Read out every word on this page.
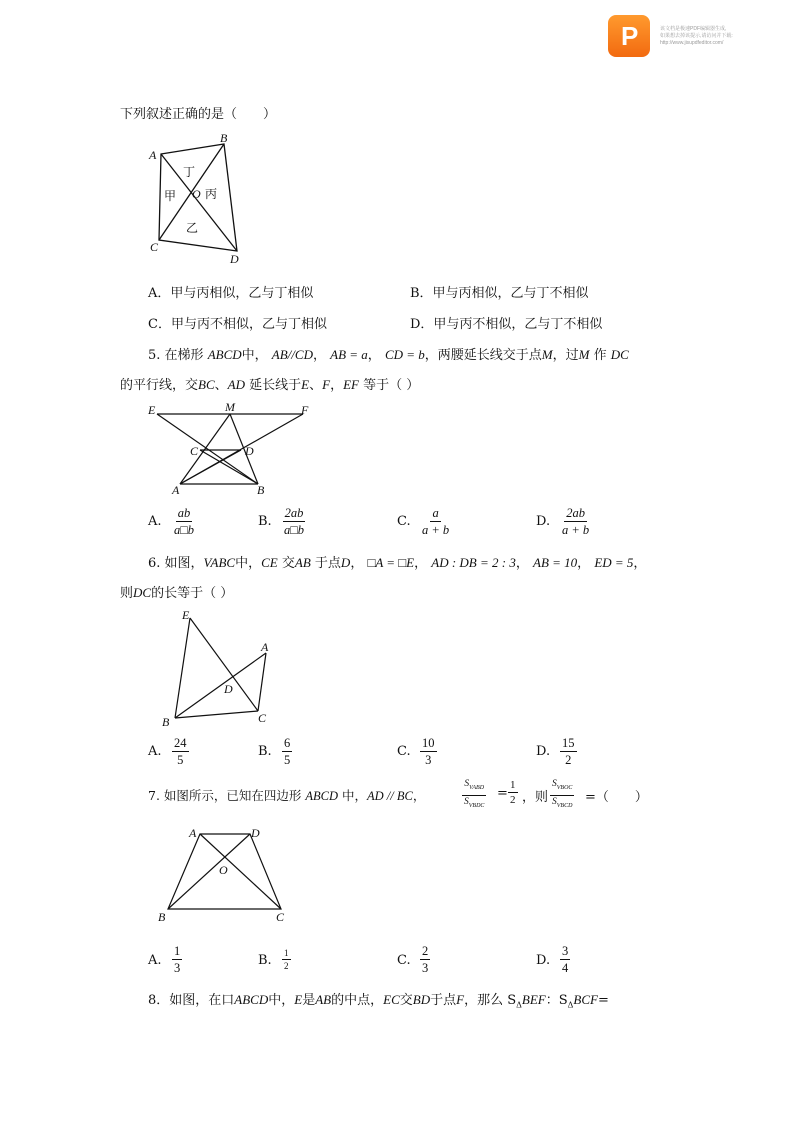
P	该文档是极速PDF编辑器生成,
如果想去掉该提示,请访问并下载:
http://www.jisupdfeditor.com/
下列叙述正确的是（　　）
A
B
C
D
O
丁
甲 丙
乙
A．甲与丙相似，乙与丁相似	B．甲与丙相似，乙与丁不相似
C．甲与丙不相似，乙与丁相似	D．甲与丙不相似，乙与丁不相似
5. 在梯形 ABCD中， AB//CD， AB = a， CD = b，两腰延长线交于点M，过M 作 DC
的平行线，交BC、AD 延长线于E、F，EF 等于（ ）
E	M	F
C	D
A	B
A. $\frac{ab}{a□b}$	B. $\frac{2ab}{a□b}$	C. $\frac{a}{a + b}$	D. $\frac{2ab}{a + b}$
6. 如图，VABC中，CE 交AB 于点D， □A = □E， AD : DB = 2 : 3， AB = 10， ED = 5，
则DC的长等于（ ）
E
A
D
B	C
A. $\frac{24}{5}$	B. $\frac{6}{5}$	C. $\frac{10}{3}$	D. $\frac{15}{2}$
7. 如图所示，已知在四边形 ABCD 中，AD // BC，
$S_{VABD}$
$S_{VBDC}$
= $\frac{1}{2}$ ，则
$S_{VBOC}$
$S_{VBCD}$
=（　　）
A	D
O
B	C
A. $\frac{1}{3}$	B. $\frac{1}{2}$	C. $\frac{2}{3}$	D. $\frac{3}{4}$
8．如图，在口ABCD中，E是AB的中点，EC交BD于点F，那么 $S_\Delta BEF$：$S_\Delta BCF=$
